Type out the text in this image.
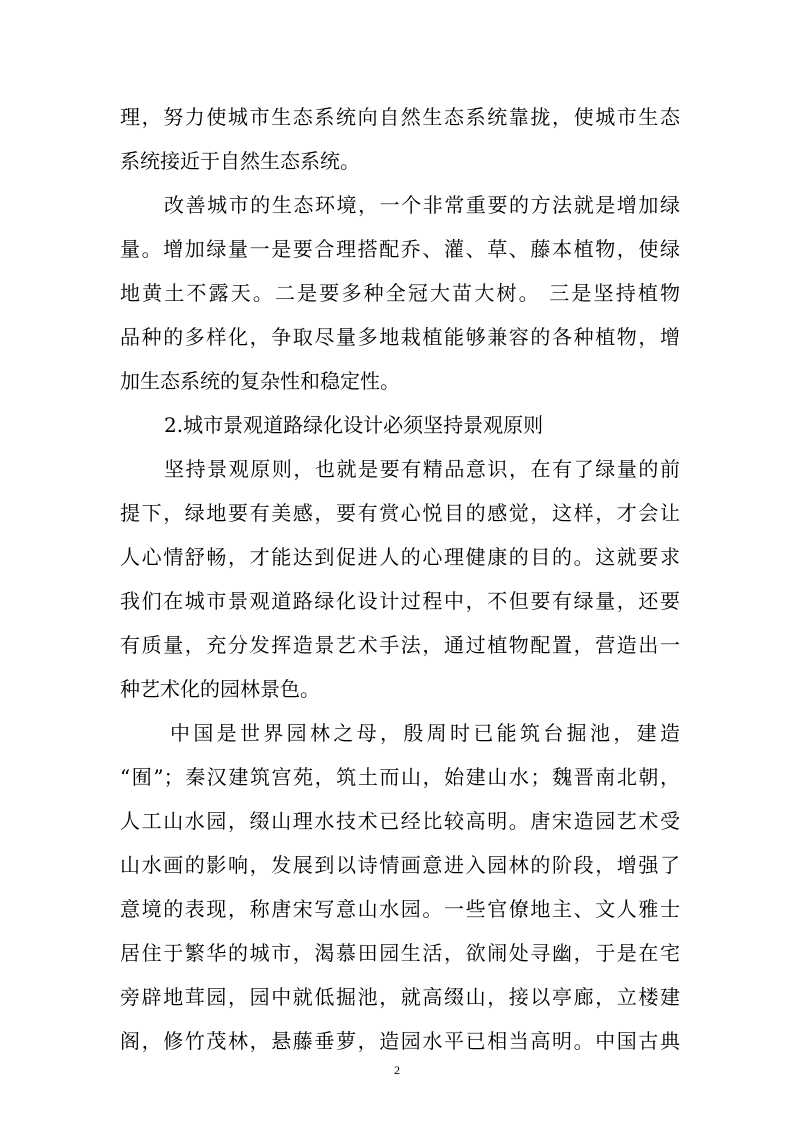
理，努力使城市生态系统向自然生态系统靠拢，使城市生态
系统接近于自然生态系统。
改善城市的生态环境，一个非常重要的方法就是增加绿
量。增加绿量一是要合理搭配乔、灌、草、藤本植物，使绿
地黄土不露天。二是要多种全冠大苗大树。 三是坚持植物
品种的多样化，争取尽量多地栽植能够兼容的各种植物，增
加生态系统的复杂性和稳定性。
2.城市景观道路绿化设计必须坚持景观原则
坚持景观原则，也就是要有精品意识，在有了绿量的前
提下，绿地要有美感，要有赏心悦目的感觉，这样，才会让
人心情舒畅，才能达到促进人的心理健康的目的。这就要求
我们在城市景观道路绿化设计过程中，不但要有绿量，还要
有质量，充分发挥造景艺术手法，通过植物配置，营造出一
种艺术化的园林景色。
中国是世界园林之母，殷周时已能筑台掘池，建造
“囿”；秦汉建筑宫苑，筑土而山，始建山水；魏晋南北朝，
人工山水园，缀山理水技术已经比较高明。唐宋造园艺术受
山水画的影响，发展到以诗情画意进入园林的阶段，增强了
意境的表现，称唐宋写意山水园。一些官僚地主、文人雅士
居住于繁华的城市，渴慕田园生活，欲闹处寻幽，于是在宅
旁辟地茸园，园中就低掘池，就高缀山，接以亭廊，立楼建
阁，修竹茂林，悬藤垂萝，造园水平已相当高明。中国古典
2
